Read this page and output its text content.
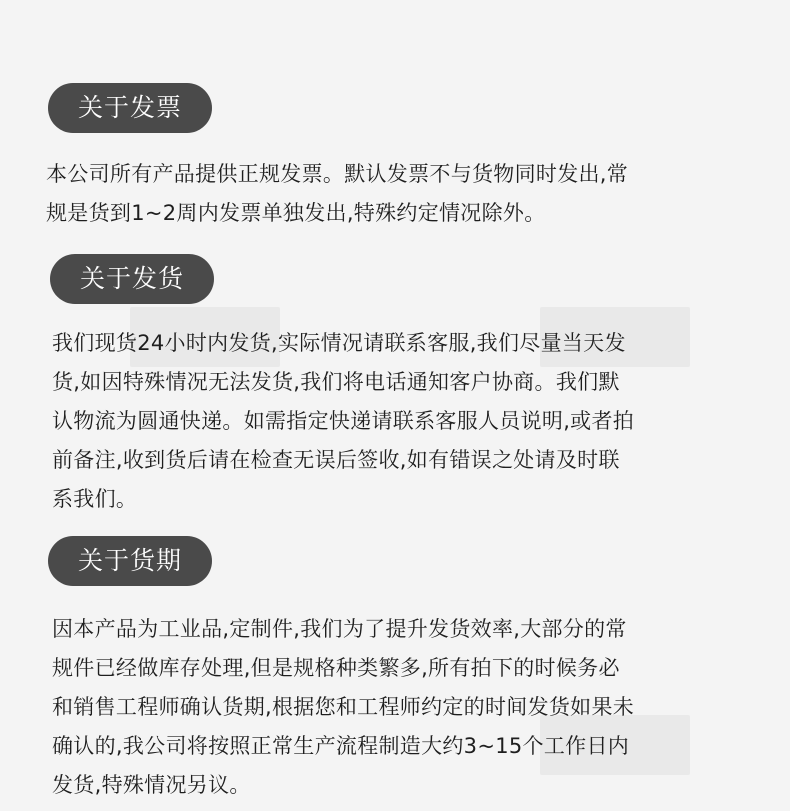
关于发票
本公司所有产品提供正规发票。默认发票不与货物同时发出,常
规是货到1~2周内发票单独发出,特殊约定情况除外。
关于发货
我们现货24小时内发货,实际情况请联系客服,我们尽量当天发
货,如因特殊情况无法发货,我们将电话通知客户协商。我们默
认物流为圆通快递。如需指定快递请联系客服人员说明,或者拍
前备注,收到货后请在检查无误后签收,如有错误之处请及时联
系我们。
关于货期
因本产品为工业品,定制件,我们为了提升发货效率,大部分的常
规件已经做库存处理,但是规格种类繁多,所有拍下的时候务必
和销售工程师确认货期,根据您和工程师约定的时间发货如果未
确认的,我公司将按照正常生产流程制造大约3~15个工作日内
发货,特殊情况另议。
